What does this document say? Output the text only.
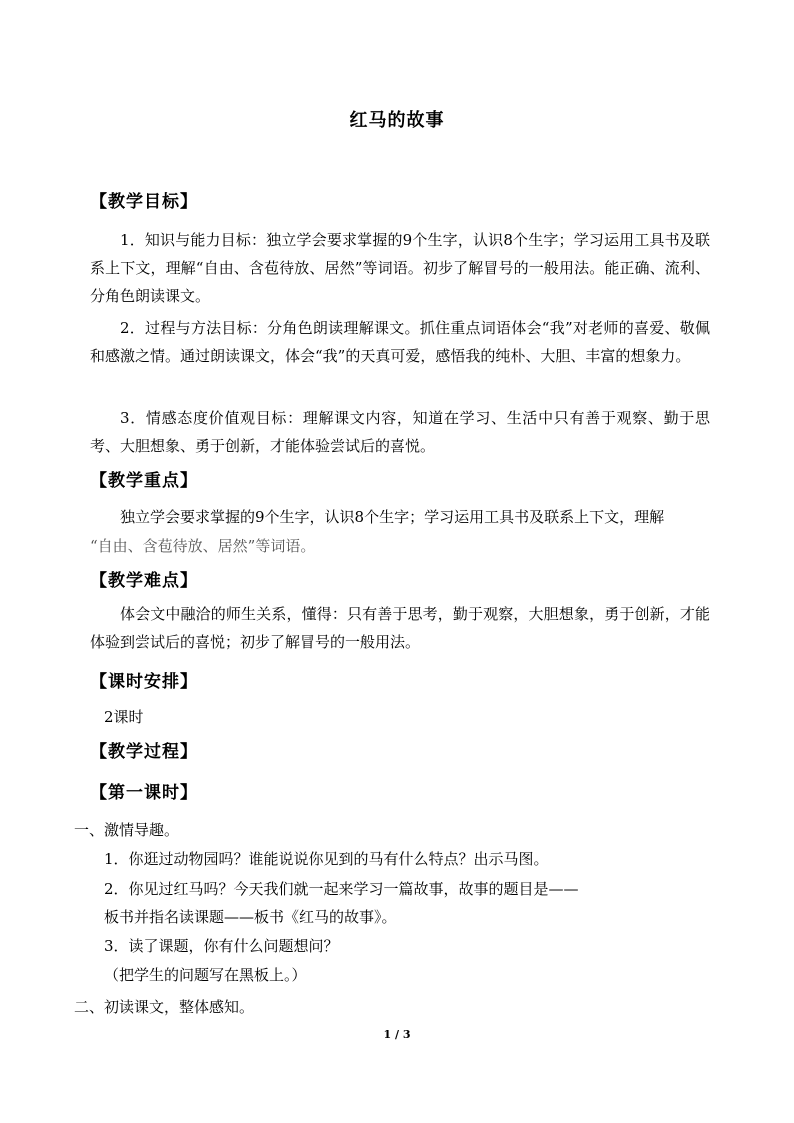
红马的故事
【教学目标】
1．知识与能力目标：独立学会要求掌握的9个生字，认识8个生字；学习运用工具书及联系上下文，理解“自由、含苞待放、居然”等词语。初步了解冒号的一般用法。能正确、流利、分角色朗读课文。
2．过程与方法目标：分角色朗读理解课文。抓住重点词语体会“我”对老师的喜爱、敬佩和感激之情。通过朗读课文，体会“我”的天真可爱，感悟我的纯朴、大胆、丰富的想象力。
3．情感态度价值观目标：理解课文内容，知道在学习、生活中只有善于观察、勤于思考、大胆想象、勇于创新，才能体验尝试后的喜悦。
【教学重点】
独立学会要求掌握的9个生字，认识8个生字；学习运用工具书及联系上下文，理解
“自由、含苞待放、居然”等词语。
【教学难点】
体会文中融洽的师生关系，懂得：只有善于思考，勤于观察，大胆想象，勇于创新，才能体验到尝试后的喜悦；初步了解冒号的一般用法。
【课时安排】
2课时
【教学过程】
【第一课时】
一、激情导趣。
1．你逛过动物园吗？谁能说说你见到的马有什么特点？出示马图。
2．你见过红马吗？今天我们就一起来学习一篇故事，故事的题目是——
板书并指名读课题——板书《红马的故事》。
3．读了课题，你有什么问题想问？
（把学生的问题写在黑板上。）
二、初读课文，整体感知。
1 / 3
